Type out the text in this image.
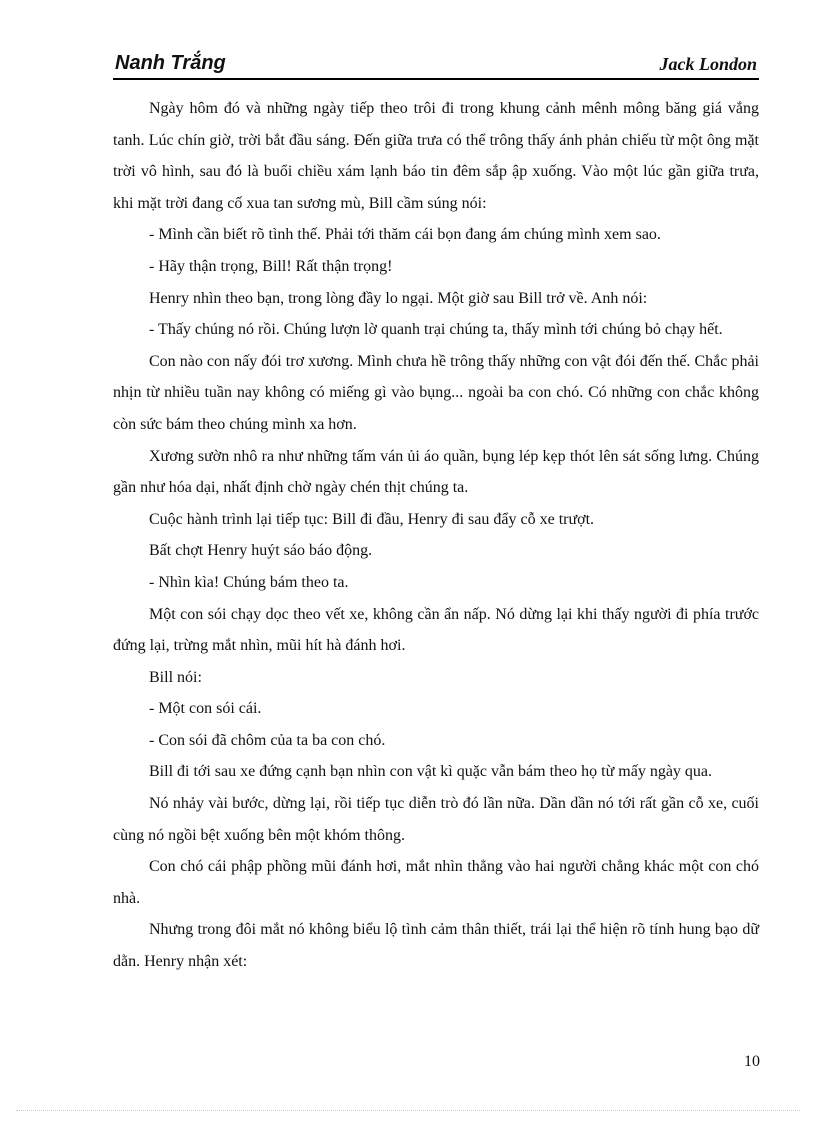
Nanh Trắng	Jack London

Ngày hôm đó và những ngày tiếp theo trôi đi trong khung cảnh mênh mông băng giá vắng tanh. Lúc chín giờ, trời bắt đầu sáng. Đến giữa trưa có thể trông thấy ánh phản chiếu từ một ông mặt trời vô hình, sau đó là buổi chiều xám lạnh báo tin đêm sắp ập xuống. Vào một lúc gần giữa trưa, khi mặt trời đang cố xua tan sương mù, Bill cầm súng nói:

- Mình cần biết rõ tình thế. Phải tới thăm cái bọn đang ám chúng mình xem sao.

- Hãy thận trọng, Bill! Rất thận trọng!

Henry nhìn theo bạn, trong lòng đầy lo ngại. Một giờ sau Bill trở về. Anh nói:

- Thấy chúng nó rồi. Chúng lượn lờ quanh trại chúng ta, thấy mình tới chúng bỏ chạy hết.

Con nào con nấy đói trơ xương. Mình chưa hề trông thấy những con vật đói đến thế. Chắc phải nhịn từ nhiều tuần nay không có miếng gì vào bụng... ngoài ba con chó. Có những con chắc không còn sức bám theo chúng mình xa hơn.

Xương sườn nhô ra như những tấm ván ủi áo quần, bụng lép kẹp thót lên sát sống lưng. Chúng gần như hóa dại, nhất định chờ ngày chén thịt chúng ta.

Cuộc hành trình lại tiếp tục: Bill đi đầu, Henry đi sau đẩy cỗ xe trượt.

Bất chợt Henry huýt sáo báo động.

- Nhìn kìa! Chúng bám theo ta.

Một con sói chạy dọc theo vết xe, không cần ẩn nấp. Nó dừng lại khi thấy người đi phía trước đứng lại, trừng mắt nhìn, mũi hít hà đánh hơi.

Bill nói:

- Một con sói cái.

- Con sói đã chôm của ta ba con chó.

Bill đi tới sau xe đứng cạnh bạn nhìn con vật kì quặc vẫn bám theo họ từ mấy ngày qua.

Nó nhảy vài bước, dừng lại, rồi tiếp tục diễn trò đó lần nữa. Dần dần nó tới rất gần cỗ xe, cuối cùng nó ngồi bệt xuống bên một khóm thông.

Con chó cái phập phồng mũi đánh hơi, mắt nhìn thẳng vào hai người chẳng khác một con chó nhà.

Nhưng trong đôi mắt nó không biểu lộ tình cảm thân thiết, trái lại thể hiện rõ tính hung bạo dữ dằn. Henry nhận xét:

10
